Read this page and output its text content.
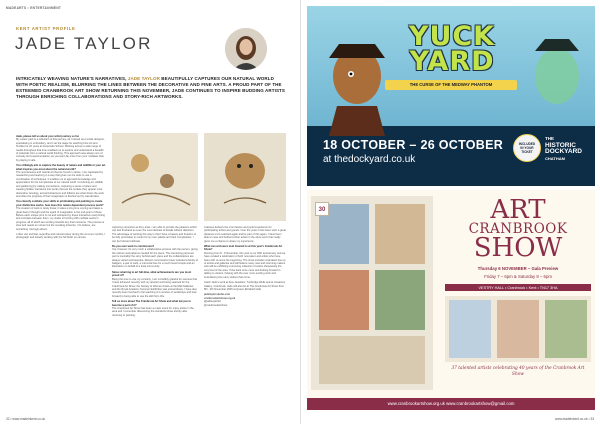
MADEARTS • ENTERTAINMENT
KENT ARTIST PROFILE
JADE TAYLOR
INTRICATELY WEAVING NATURE'S NARRATIVES, JADE TAYLOR BEAUTIFULLY CAPTURES OUR NATURAL WORLD WITH POETIC REALISM, BLURRING THE LINES BETWEEN THE DECORATIVE AND FINE ARTS. A PROUD PART OF THE ESTEEMED CRANBROOK ART SHOW RETURNING THIS NOVEMBER, JADE CONTINUES TO INSPIRE BUDDING ARTISTS THROUGH ENRICHING COLLABORATIONS AND STORY-RICH ARTWORKS.
Jade, please tell us about your artist journey so far.
My career path is a reflection of this journey, as I trained as a textile designer, specialising in embroidery, and I set the stage for teaching Fine Art and Textiles for 22 years at Greenside School. Working across a wide range of media throughout that time enabled me to explore and understand a breadth of materials from a natural world thinking. This approach was always one of curiosity and experimentation, as you learn far more from your mistakes than by playing it safe.
You strikingly aim to capture the beauty of nature and wildlife in your art, what inspires you most about the natural world?
The spontaneous and natural art that we found in nature. I am captivated by researching and learning in a way that gives me the tools to use a combination of techniques. It enables me to approach knowledge and appreciation for the complexities of our natural world. Combining art, wildlife and gardening by making connections, capturing a sense of place and weaving hidden narratives into works that are the surface they appear most decorative. Ecology, animal behaviours and folklore are what drives the work and often the progress of their imagination is fleshed out by natural tales.
You cleverly combine your skills in printmaking and painting to create your distinctive works, how does this nature dependent process work?
The creation of work is rarely linear, it takes a long time coming and takes a great deal of thought and the spark of imagination is the end-point of these. Before each unique print is cut and reshaped by these interactive overprinting and contrasts between them, my studio is buzzing with multiple works in progress, all of which are working towards key final moments. The process is slow and needs to nurture but the resulting artworks, I do believe, are something I lovingly attract.
I often use archival, superfine and natural colour during the summer months, I photograph and loosely working with the full finish on canvas.
capturing memories as they arise. I am able to provide the pleasure which can feel freehand as even the most delicate of details without distortion. The advantage of working this way is that I have a beauty and freedom to be fully printmaker in control of my own palette and their complexities. I can be bold and delicate.
Do you ever work to commission?
Yes, however it's very much a collaborative process with the person, giving the colours and patterns needed for the piece. The interesting personal part is inevitably the story behind each piece and the collaborations are always varied and bespoke. Recent commissions have included a family of badgers, a pair of owls, a memorial tree for a much loved couple and an illustration on behalf of a local community.
Since returning to art full-time, what achievements are you most proud of?
Being the time to use my curiosity, I am incredibly grateful for success that I have achieved recently with my artwork and being selected for the Cranbrook Art Show, the Society of Women Artists at the Mall Galleries and the Royal Academy Summer Exhibition was extraordinary. I have also recently been involved in the teaching of a number of workshops and look forward to being able to use the skill from this.
Tell us more about The Cranbrook Art Show and what led you to become a part of it?
The Cranbrook Art Show has been a major event for many artists in the area and I remember discovering the wonderful show shortly after returning to painting.
It always delivers the most festive and joyful experience for participating artists and guests. Over the years it has been such a great pleasure to be selected again and be part of this again. I have been able to meet and befriend other artists in the show and it has really given me a chance to share my experience.
What can art-lovers look forward to at this year's Cranbrook Art Show?
Running from 8 - 9 November, this year is our 30th anniversary and we have curated a celebration of both new talent and artists who have been with us since the beginning. The show includes a fantastic line up of artists and galleries and will feature many new and returning makers who will be exhibiting a stunning collection of works showcasing the very best of the area. I'll be back once more and looking forward to talking to visitors, helping with the ever more exciting work and entertaining the many visitors that come.
Catch Jade's work at Kew Jewellers, Tunbridge Wells and at Creations Gallery, Cranbrook. Jade will also be at The Cranbrook Art Show from 8th - 9th November 2025 at Queen Elizabeth Hall.
jadetaylorstudio.com
cranbrookartshow.org.uk
@jadetaylorart
@cranbrookartshow
32 • www.madeinkent.co.uk
YUCK
YARD
THE CURSE OF THE MEDWAY PHANTOM
18 OCTOBER – 26 OCTOBER
at thedockyard.co.uk
INCLUDED
IN YOUR
TICKET
THE
HISTORIC
DOCKYARD
CHATHAM
30	ART
CRANBROOK
SHOW
Thursday 6 NOVEMBER – Gala Preview
Friday 7 – 6pm & Saturday 8 – 6pm
VESTRY HALL • Cranbrook • Kent • TN17 3HA
37 talented artists celebrating 40 years of the Cranbrook Art Show
www.cranbrookartshow.org.uk www.cranbrookartshow@gmail.com
www.madeinkent.co.uk • 33
